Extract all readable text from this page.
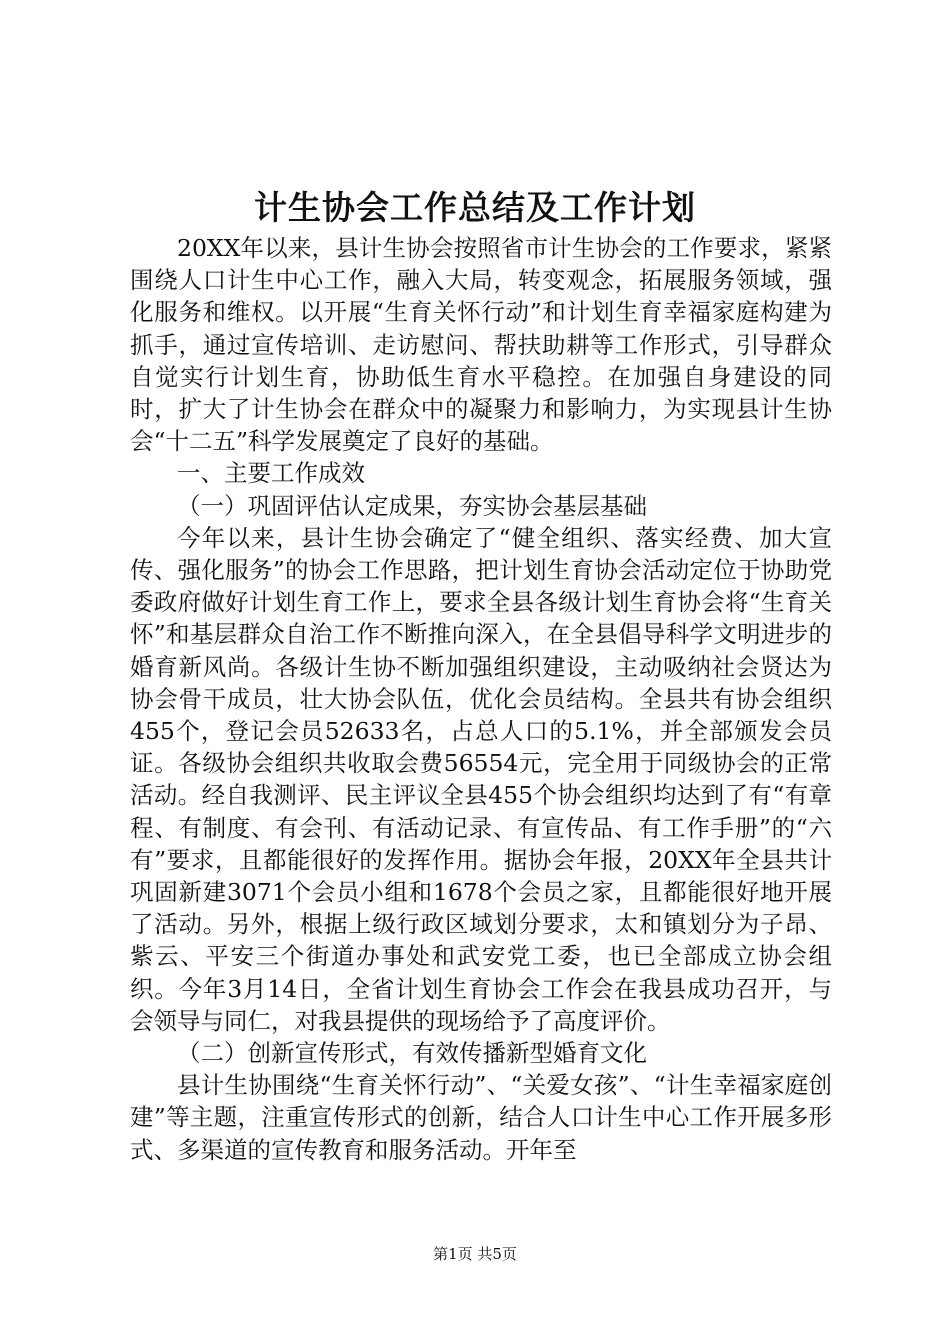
计生协会工作总结及工作计划

20XX年以来，县计生协会按照省市计生协会的工作要求，紧紧围绕人口计生中心工作，融入大局，转变观念，拓展服务领域，强化服务和维权。以开展“生育关怀行动”和计划生育幸福家庭构建为抓手，通过宣传培训、走访慰问、帮扶助耕等工作形式，引导群众自觉实行计划生育，协助低生育水平稳控。在加强自身建设的同时，扩大了计生协会在群众中的凝聚力和影响力，为实现县计生协会“十二五”科学发展奠定了良好的基础。

一、主要工作成效

（一）巩固评估认定成果，夯实协会基层基础

今年以来，县计生协会确定了“健全组织、落实经费、加大宣传、强化服务”的协会工作思路，把计划生育协会活动定位于协助党委政府做好计划生育工作上，要求全县各级计划生育协会将“生育关怀”和基层群众自治工作不断推向深入，在全县倡导科学文明进步的婚育新风尚。各级计生协不断加强组织建设，主动吸纳社会贤达为协会骨干成员，壮大协会队伍，优化会员结构。全县共有协会组织455个，登记会员52633名，占总人口的5.1%，并全部颁发会员证。各级协会组织共收取会费56554元，完全用于同级协会的正常活动。经自我测评、民主评议全县455个协会组织均达到了有“有章程、有制度、有会刊、有活动记录、有宣传品、有工作手册”的“六有”要求，且都能很好的发挥作用。据协会年报，20XX年全县共计巩固新建3071个会员小组和1678个会员之家，且都能很好地开展了活动。另外，根据上级行政区域划分要求，太和镇划分为子昂、紫云、平安三个街道办事处和武安党工委，也已全部成立协会组织。今年3月14日，全省计划生育协会工作会在我县成功召开，与会领导与同仁，对我县提供的现场给予了高度评价。

（二）创新宣传形式，有效传播新型婚育文化

县计生协围绕“生育关怀行动”、“关爱女孩”、“计生幸福家庭创建”等主题，注重宣传形式的创新，结合人口计生中心工作开展多形式、多渠道的宣传教育和服务活动。开年至

第1页 共5页
